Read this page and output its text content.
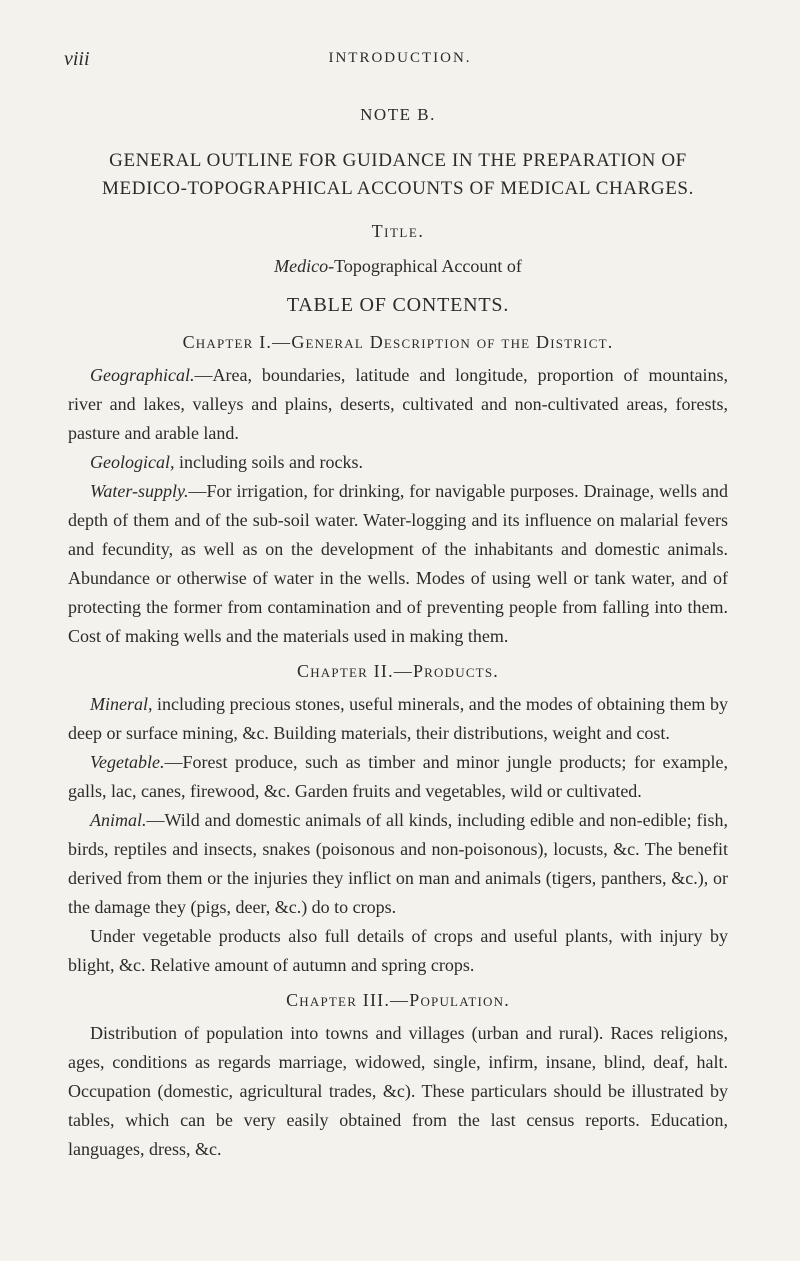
viii	INTRODUCTION.
NOTE B.
GENERAL OUTLINE FOR GUIDANCE IN THE PREPARATION OF MEDICO-TOPOGRAPHICAL ACCOUNTS OF MEDICAL CHARGES.
Title.
Medico-Topographical Account of
TABLE OF CONTENTS.
Chapter I.—General Description of the District.

Geographical.—Area, boundaries, latitude and longitude, proportion of mountains, river and lakes, valleys and plains, deserts, cultivated and non-cultivated areas, forests, pasture and arable land.

Geological, including soils and rocks.

Water-supply.—For irrigation, for drinking, for navigable purposes. Drainage, wells and depth of them and of the sub-soil water. Water-logging and its influence on malarial fevers and fecundity, as well as on the development of the inhabitants and domestic animals. Abundance or otherwise of water in the wells. Modes of using well or tank water, and of protecting the former from contamination and of preventing people from falling into them. Cost of making wells and the materials used in making them.

Chapter II.—Products.

Mineral, including precious stones, useful minerals, and the modes of obtaining them by deep or surface mining, &c. Building materials, their distributions, weight and cost.

Vegetable.—Forest produce, such as timber and minor jungle products; for example, galls, lac, canes, firewood, &c. Garden fruits and vegetables, wild or cultivated.

Animal.—Wild and domestic animals of all kinds, including edible and non-edible; fish, birds, reptiles and insects, snakes (poisonous and non-poisonous), locusts, &c. The benefit derived from them or the injuries they inflict on man and animals (tigers, panthers, &c.), or the damage they (pigs, deer, &c.) do to crops.

Under vegetable products also full details of crops and useful plants, with injury by blight, &c. Relative amount of autumn and spring crops.

Chapter III.—Population.

Distribution of population into towns and villages (urban and rural). Races religions, ages, conditions as regards marriage, widowed, single, infirm, insane, blind, deaf, halt. Occupation (domestic, agricultural trades, &c). These particulars should be illustrated by tables, which can be very easily obtained from the last census reports. Education, languages, dress, &c.
